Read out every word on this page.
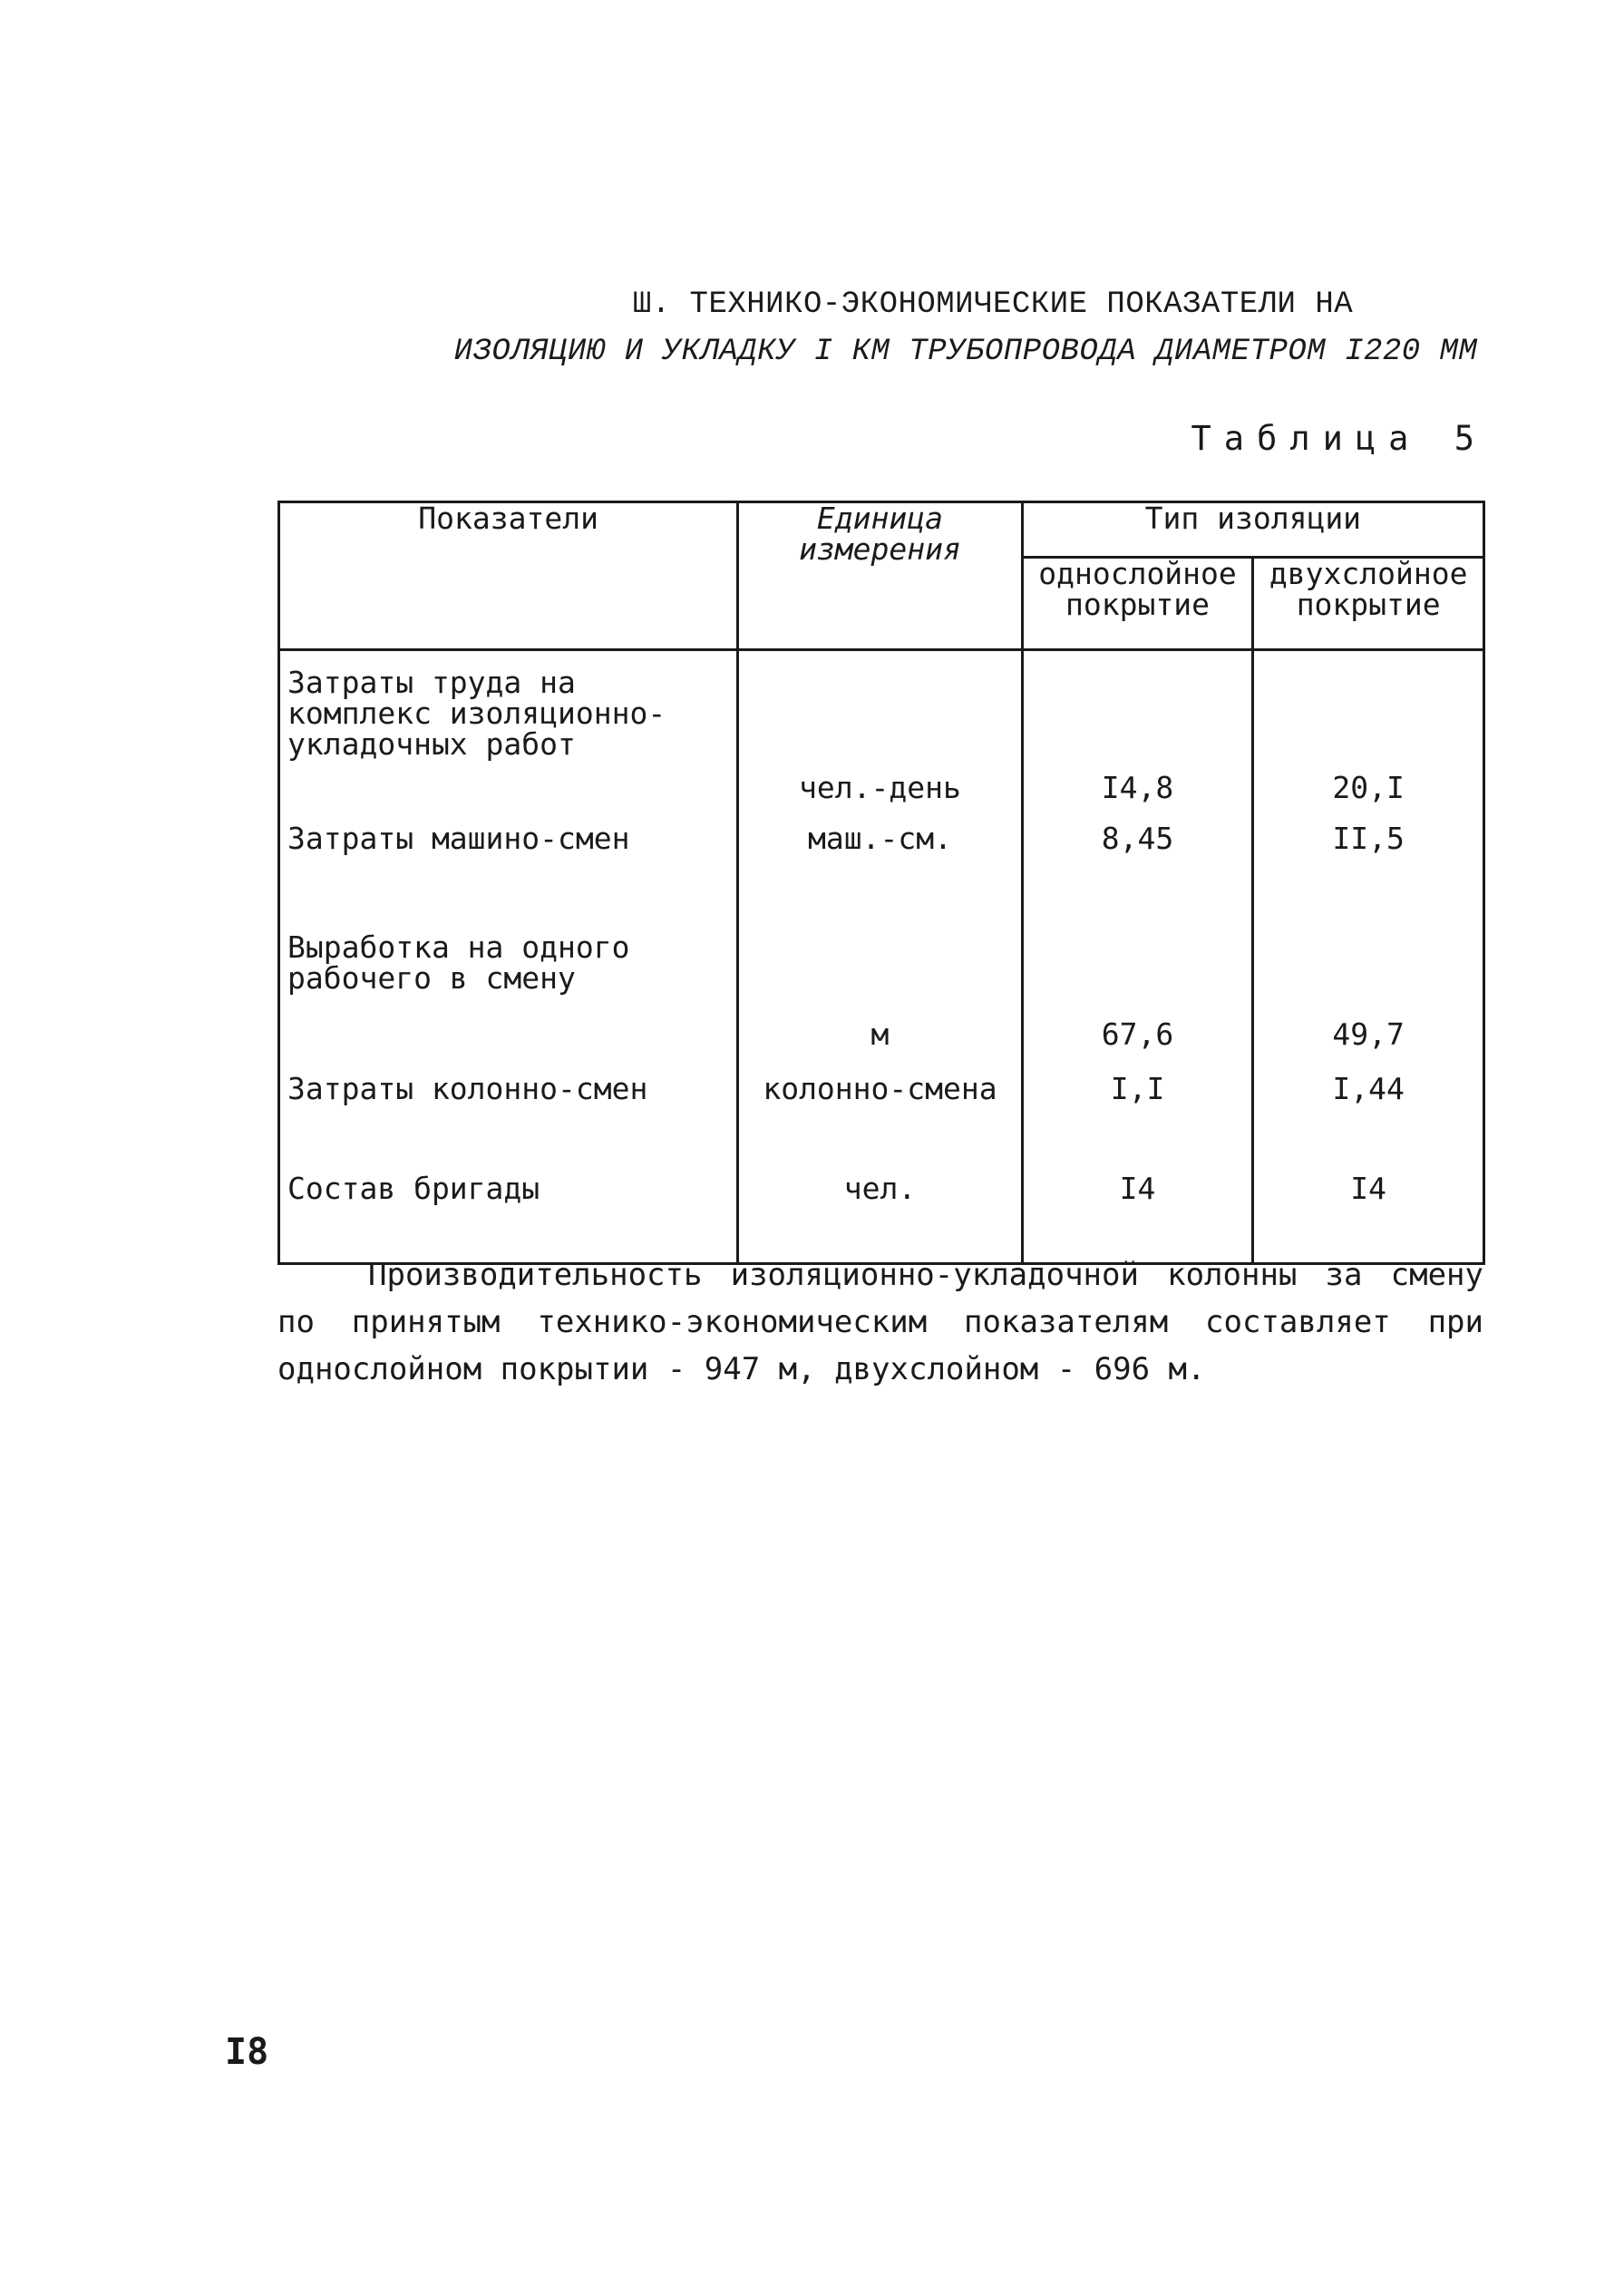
Ш. ТЕХНИКО-ЭКОНОМИЧЕСКИЕ ПОКАЗАТЕЛИ НА
ИЗОЛЯЦИЮ И УКЛАДКУ I КМ ТРУБОПРОВОДА ДИАМЕТРОМ I220 ММ
Таблица 5
Показатели	Единица измерения	Тип изоляции	
		однослойное покрытие	двухслойное покрытие
Затраты труда на комплекс изоляционно-укладочных работ	чел.-день	I4,8	20,I
Затраты машино-смен	маш.-см.	8,45	II,5
Выработка на одного рабочего в смену	м	67,6	49,7
Затраты колонно-смен	колонно-смена	I,I	I,44
Состав бригады	чел.	I4	I4
Производительность изоляционно-укладочной колонны за смену по принятым технико-экономическим показателям составляет при однослойном покрытии - 947 м, двухслойном - 696 м.
I8
